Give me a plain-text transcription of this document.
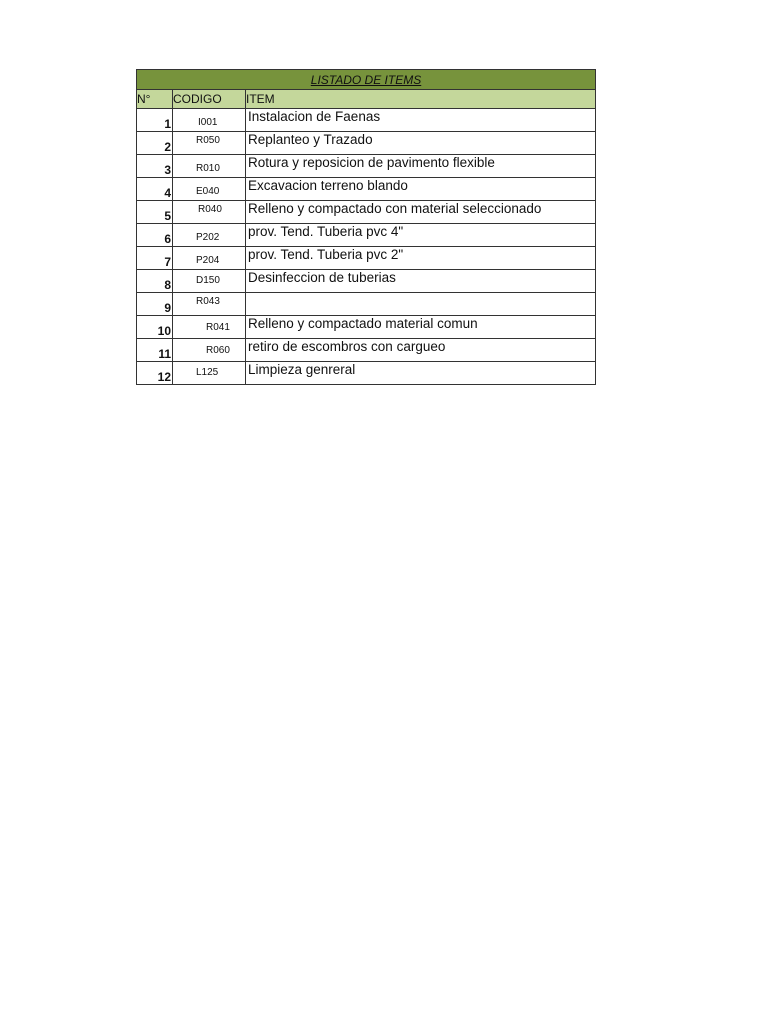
LISTADO DE ITEMS		
N°	CODIGO	ITEM
1	I001	Instalacion de Faenas
2	R050	Replanteo y Trazado
3	R010	Rotura y reposicion de pavimento flexible
4	E040	Excavacion terreno blando
5	R040	Relleno y compactado con material seleccionado
6	P202	prov. Tend. Tuberia pvc 4"
7	P204	prov. Tend. Tuberia pvc 2"
8	D150	Desinfeccion de tuberias
9	R043	
10	R041	Relleno y compactado material comun
11	R060	retiro de escombros con cargueo
12	L125	Limpieza genreral
